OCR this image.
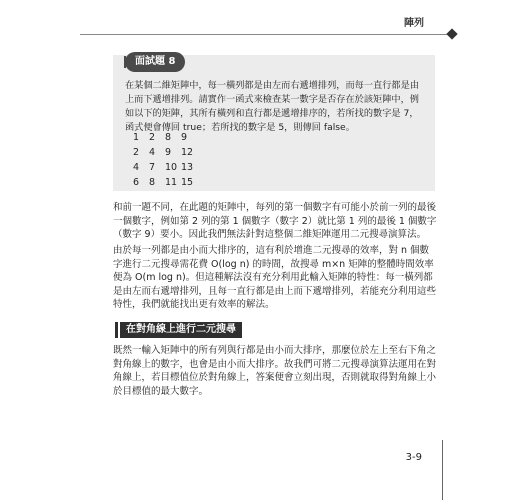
陣列
面試題 8
在某個二維矩陣中，每一橫列都是由左而右遞增排列，而每一直行都是由上而下遞增排列。請實作一函式來檢查某一數字是否存在於該矩陣中，例如以下的矩陣，其所有橫列和直行都是遞增排序的，若所找的數字是 7，函式便會傳回 true；若所找的數字是 5，則傳回 false。
1	2	8	9
2	4	9	12
4	7	10 13
6	8	11 15
和前一題不同，在此題的矩陣中，每列的第一個數字有可能小於前一列的最後一個數字，例如第 2 列的第 1 個數字（數字 2）就比第 1 列的最後 1 個數字（數字 9）要小。因此我們無法針對這整個二維矩陣運用二元搜尋演算法。
由於每一列都是由小而大排序的，這有利於增進二元搜尋的效率，對 n 個數字進行二元搜尋需花費 O(log n) 的時間，故搜尋 m×n 矩陣的整體時間效率便為 O(m log n)。但這種解法沒有充分利用此輸入矩陣的特性：每一橫列都是由左而右遞增排列，且每一直行都是由上而下遞增排列，若能充分利用這些特性，我們就能找出更有效率的解法。
在對角線上進行二元搜尋
既然一輸入矩陣中的所有列與行都是由小而大排序，那麼位於左上至右下角之對角線上的數字，也會是由小而大排序。故我們可將二元搜尋演算法運用在對角線上，若目標值位於對角線上，答案便會立刻出現，否則就取得對角線上小於目標值的最大數字。
3-9
